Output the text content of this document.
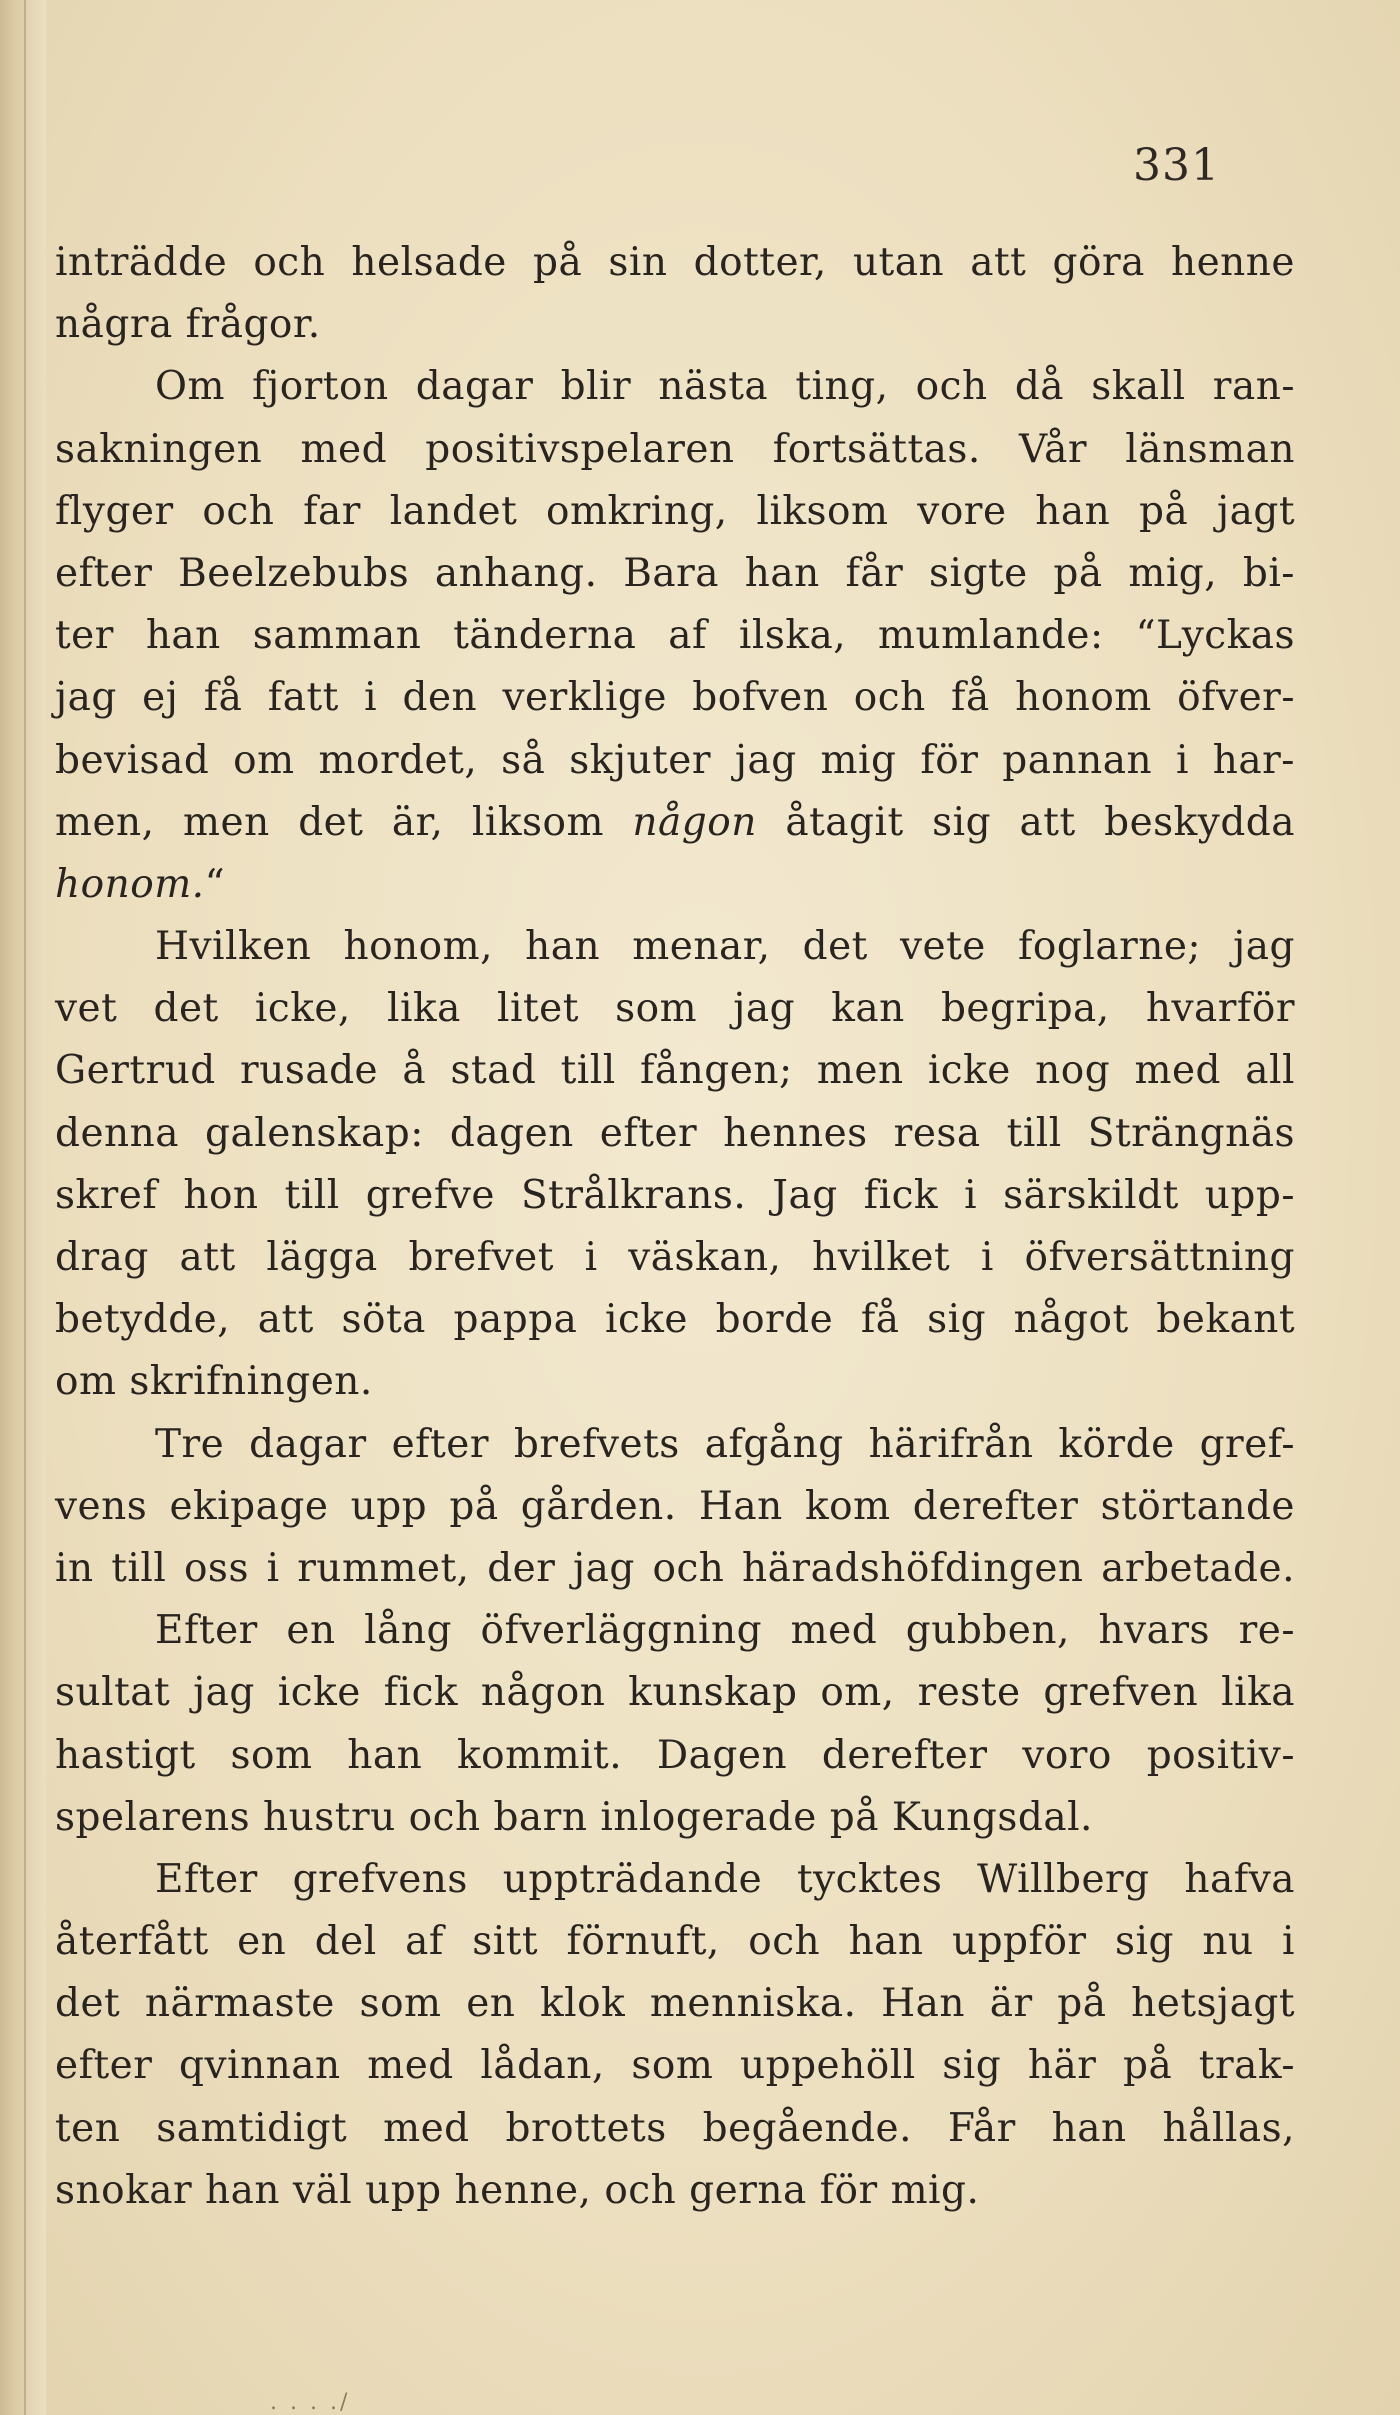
331
inträdde och helsade på sin dotter, utan att göra henne
några frågor.
Om fjorton dagar blir nästa ting, och då skall ran-
sakningen med positivspelaren fortsättas. Vår länsman
flyger och far landet omkring, liksom vore han på jagt
efter Beelzebubs anhang. Bara han får sigte på mig, bi-
ter han samman tänderna af ilska, mumlande: “Lyckas
jag ej få fatt i den verklige bofven och få honom öfver-
bevisad om mordet, så skjuter jag mig för pannan i har-
men, men det är, liksom någon åtagit sig att beskydda
honom.“
Hvilken honom, han menar, det vete foglarne; jag
vet det icke, lika litet som jag kan begripa, hvarför
Gertrud rusade å stad till fången; men icke nog med all
denna galenskap: dagen efter hennes resa till Strängnäs
skref hon till grefve Strålkrans. Jag fick i särskildt upp-
drag att lägga brefvet i väskan, hvilket i öfversättning
betydde, att söta pappa icke borde få sig något bekant
om skrifningen.
Tre dagar efter brefvets afgång härifrån körde gref-
vens ekipage upp på gården. Han kom derefter störtande
in till oss i rummet, der jag och häradshöfdingen arbetade.
Efter en lång öfverläggning med gubben, hvars re-
sultat jag icke fick någon kunskap om, reste grefven lika
hastigt som han kommit. Dagen derefter voro positiv-
spelarens hustru och barn inlogerade på Kungsdal.
Efter grefvens uppträdande tycktes Willberg hafva
återfått en del af sitt förnuft, och han uppför sig nu i
det närmaste som en klok menniska. Han är på hetsjagt
efter qvinnan med lådan, som uppehöll sig här på trak-
ten samtidigt med brottets begående. Får han hållas,
snokar han väl upp henne, och gerna för mig.
. . . ./
